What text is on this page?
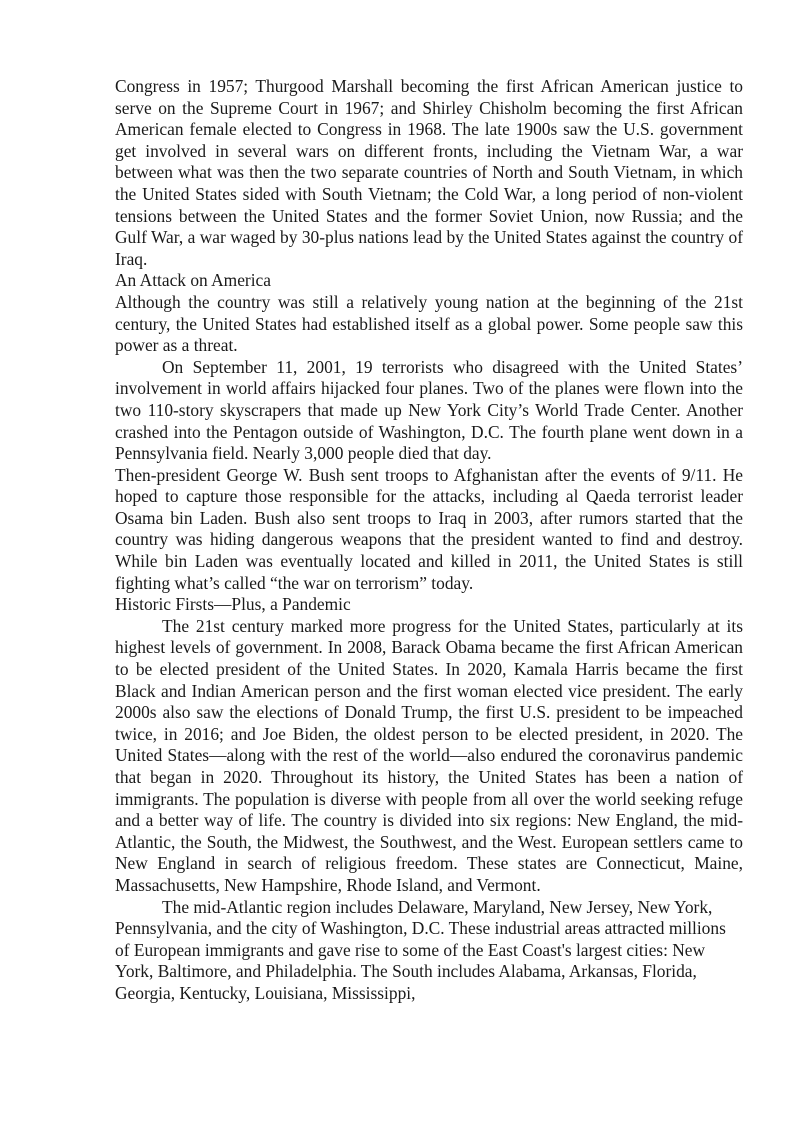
Congress in 1957; Thurgood Marshall becoming the first African American justice to serve on the Supreme Court in 1967; and Shirley Chisholm becoming the first African American female elected to Congress in 1968. The late 1900s saw the U.S. government get involved in several wars on different fronts, including the Vietnam War, a war between what was then the two separate countries of North and South Vietnam, in which the United States sided with South Vietnam; the Cold War, a long period of non-violent tensions between the United States and the former Soviet Union, now Russia; and the Gulf War, a war waged by 30-plus nations lead by the United States against the country of Iraq.

An Attack on America

Although the country was still a relatively young nation at the beginning of the 21st century, the United States had established itself as a global power. Some people saw this power as a threat.

On September 11, 2001, 19 terrorists who disagreed with the United States’ involvement in world affairs hijacked four planes. Two of the planes were flown into the two 110-story skyscrapers that made up New York City’s World Trade Center. Another crashed into the Pentagon outside of Washington, D.C. The fourth plane went down in a Pennsylvania field. Nearly 3,000 people died that day.

Then-president George W. Bush sent troops to Afghanistan after the events of 9/11. He hoped to capture those responsible for the attacks, including al Qaeda terrorist leader Osama bin Laden. Bush also sent troops to Iraq in 2003, after rumors started that the country was hiding dangerous weapons that the president wanted to find and destroy. While bin Laden was eventually located and killed in 2011, the United States is still fighting what’s called “the war on terrorism” today.

Historic Firsts—Plus, a Pandemic

The 21st century marked more progress for the United States, particularly at its highest levels of government. In 2008, Barack Obama became the first African American to be elected president of the United States. In 2020, Kamala Harris became the first Black and Indian American person and the first woman elected vice president. The early 2000s also saw the elections of Donald Trump, the first U.S. president to be impeached twice, in 2016; and Joe Biden, the oldest person to be elected president, in 2020. The United States—along with the rest of the world—also endured the coronavirus pandemic that began in 2020. Throughout its history, the United States has been a nation of immigrants. The population is diverse with people from all over the world seeking refuge and a better way of life. The country is divided into six regions: New England, the mid-Atlantic, the South, the Midwest, the Southwest, and the West. European settlers came to New England in search of religious freedom. These states are Connecticut, Maine, Massachusetts, New Hampshire, Rhode Island, and Vermont.

The mid-Atlantic region includes Delaware, Maryland, New Jersey, New York, Pennsylvania, and the city of Washington, D.C. These industrial areas attracted millions of European immigrants and gave rise to some of the East Coast's largest cities: New York, Baltimore, and Philadelphia. The South includes Alabama, Arkansas, Florida, Georgia, Kentucky, Louisiana, Mississippi,
